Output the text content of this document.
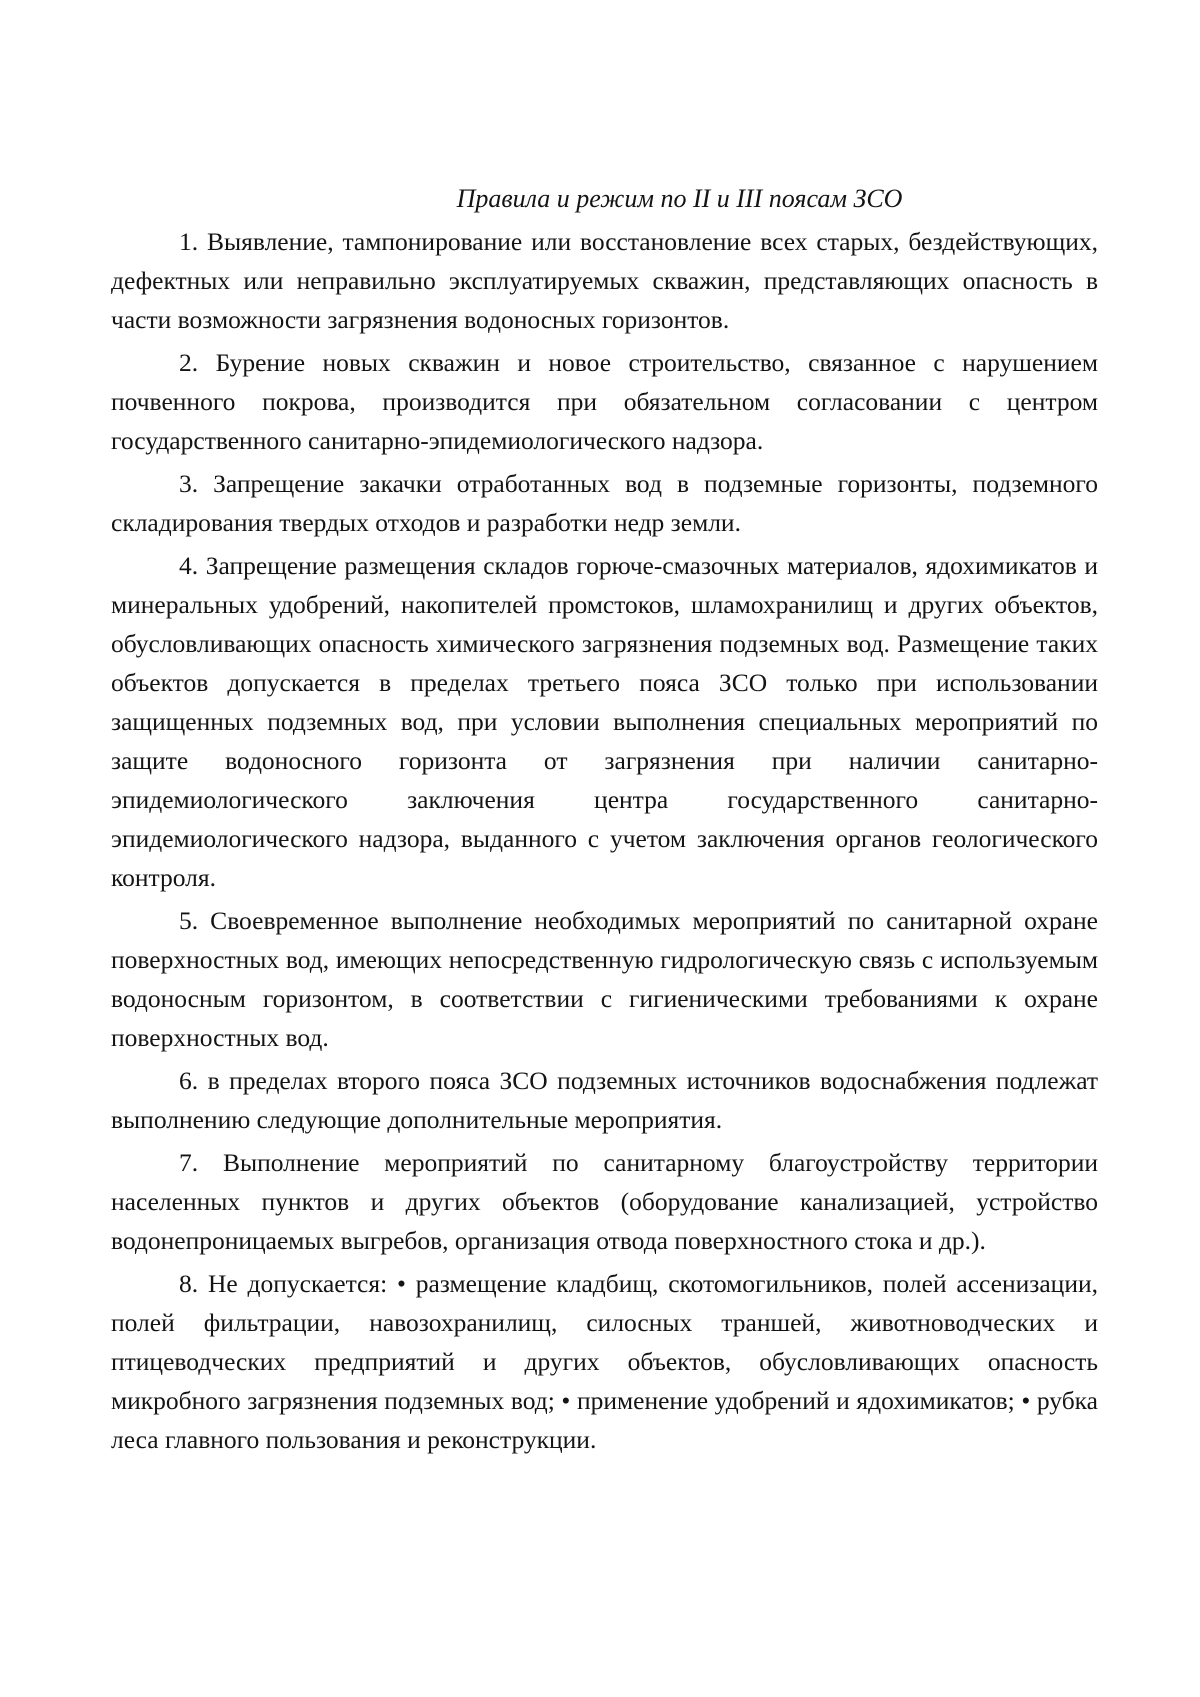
Правила и режим по II и III поясам ЗСО

1. Выявление, тампонирование или восстановление всех старых, бездействующих, дефектных или неправильно эксплуатируемых скважин, представляющих опасность в части возможности загрязнения водоносных горизонтов.

2. Бурение новых скважин и новое строительство, связанное с нарушением почвенного покрова, производится при обязательном согласовании с центром государственного санитарно-эпидемиологического надзора.

3. Запрещение закачки отработанных вод в подземные горизонты, подземного складирования твердых отходов и разработки недр земли.

4. Запрещение размещения складов горюче-смазочных материалов, ядохимикатов и минеральных удобрений, накопителей промстоков, шламохранилищ и других объектов, обусловливающих опасность химического загрязнения подземных вод. Размещение таких объектов допускается в пределах третьего пояса ЗСО только при использовании защищенных подземных вод, при условии выполнения специальных мероприятий по защите водоносного горизонта от загрязнения при наличии санитарно-эпидемиологического заключения центра государственного санитарно-эпидемиологического надзора, выданного с учетом заключения органов геологического контроля.

5. Своевременное выполнение необходимых мероприятий по санитарной охране поверхностных вод, имеющих непосредственную гидрологическую связь с используемым водоносным горизонтом, в соответствии с гигиеническими требованиями к охране поверхностных вод.

6. в пределах второго пояса ЗСО подземных источников водоснабжения подлежат выполнению следующие дополнительные мероприятия.

7. Выполнение мероприятий по санитарному благоустройству территории населенных пунктов и других объектов (оборудование канализацией, устройство водонепроницаемых выгребов, организация отвода поверхностного стока и др.).

8. Не допускается: • размещение кладбищ, скотомогильников, полей ассенизации, полей фильтрации, навозохранилищ, силосных траншей, животноводческих и птицеводческих предприятий и других объектов, обусловливающих опасность микробного загрязнения подземных вод; • применение удобрений и ядохимикатов; • рубка леса главного пользования и реконструкции.
